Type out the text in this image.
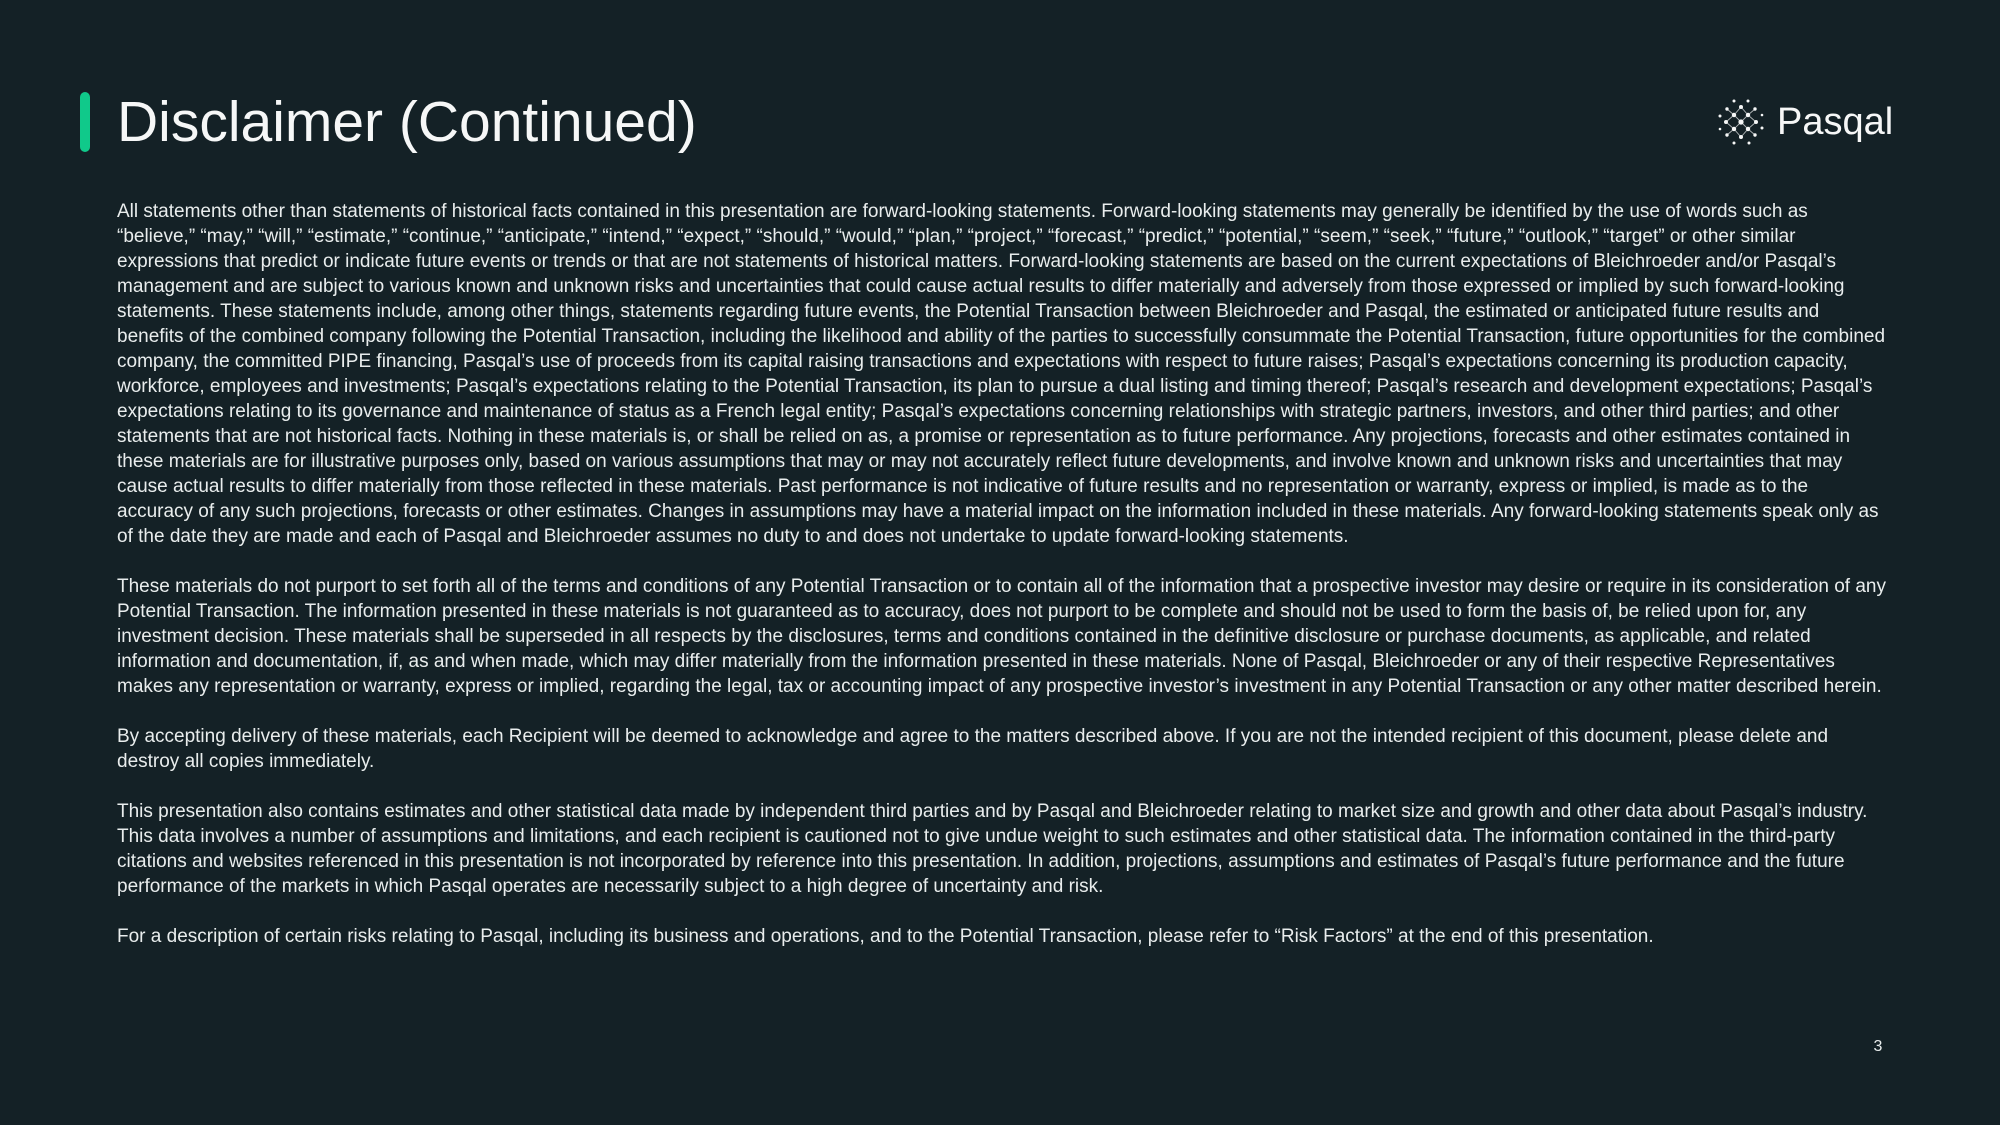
Disclaimer (Continued)	Pasqal

All statements other than statements of historical facts contained in this presentation are forward-looking statements. Forward-looking statements may generally be identified by the use of words such as “believe,” “may,” “will,” “estimate,” “continue,” “anticipate,” “intend,” “expect,” “should,” “would,” “plan,” “project,” “forecast,” “predict,” “potential,” “seem,” “seek,” “future,” “outlook,” “target” or other similar expressions that predict or indicate future events or trends or that are not statements of historical matters. Forward-looking statements are based on the current expectations of Bleichroeder and/or Pasqal’s management and are subject to various known and unknown risks and uncertainties that could cause actual results to differ materially and adversely from those expressed or implied by such forward-looking statements. These statements include, among other things, statements regarding future events, the Potential Transaction between Bleichroeder and Pasqal, the estimated or anticipated future results and benefits of the combined company following the Potential Transaction, including the likelihood and ability of the parties to successfully consummate the Potential Transaction, future opportunities for the combined company, the committed PIPE financing, Pasqal’s use of proceeds from its capital raising transactions and expectations with respect to future raises; Pasqal’s expectations concerning its production capacity, workforce, employees and investments; Pasqal’s expectations relating to the Potential Transaction, its plan to pursue a dual listing and timing thereof; Pasqal’s research and development expectations; Pasqal’s expectations relating to its governance and maintenance of status as a French legal entity; Pasqal’s expectations concerning relationships with strategic partners, investors, and other third parties; and other statements that are not historical facts. Nothing in these materials is, or shall be relied on as, a promise or representation as to future performance. Any projections, forecasts and other estimates contained in these materials are for illustrative purposes only, based on various assumptions that may or may not accurately reflect future developments, and involve known and unknown risks and uncertainties that may cause actual results to differ materially from those reflected in these materials. Past performance is not indicative of future results and no representation or warranty, express or implied, is made as to the accuracy of any such projections, forecasts or other estimates. Changes in assumptions may have a material impact on the information included in these materials. Any forward-looking statements speak only as of the date they are made and each of Pasqal and Bleichroeder assumes no duty to and does not undertake to update forward-looking statements.

These materials do not purport to set forth all of the terms and conditions of any Potential Transaction or to contain all of the information that a prospective investor may desire or require in its consideration of any Potential Transaction. The information presented in these materials is not guaranteed as to accuracy, does not purport to be complete and should not be used to form the basis of, be relied upon for, any investment decision. These materials shall be superseded in all respects by the disclosures, terms and conditions contained in the definitive disclosure or purchase documents, as applicable, and related information and documentation, if, as and when made, which may differ materially from the information presented in these materials. None of Pasqal, Bleichroeder or any of their respective Representatives makes any representation or warranty, express or implied, regarding the legal, tax or accounting impact of any prospective investor’s investment in any Potential Transaction or any other matter described herein.

By accepting delivery of these materials, each Recipient will be deemed to acknowledge and agree to the matters described above. If you are not the intended recipient of this document, please delete and destroy all copies immediately.

This presentation also contains estimates and other statistical data made by independent third parties and by Pasqal and Bleichroeder relating to market size and growth and other data about Pasqal’s industry. This data involves a number of assumptions and limitations, and each recipient is cautioned not to give undue weight to such estimates and other statistical data. The information contained in the third-party citations and websites referenced in this presentation is not incorporated by reference into this presentation. In addition, projections, assumptions and estimates of Pasqal’s future performance and the future performance of the markets in which Pasqal operates are necessarily subject to a high degree of uncertainty and risk.

For a description of certain risks relating to Pasqal, including its business and operations, and to the Potential Transaction, please refer to “Risk Factors” at the end of this presentation.

3
